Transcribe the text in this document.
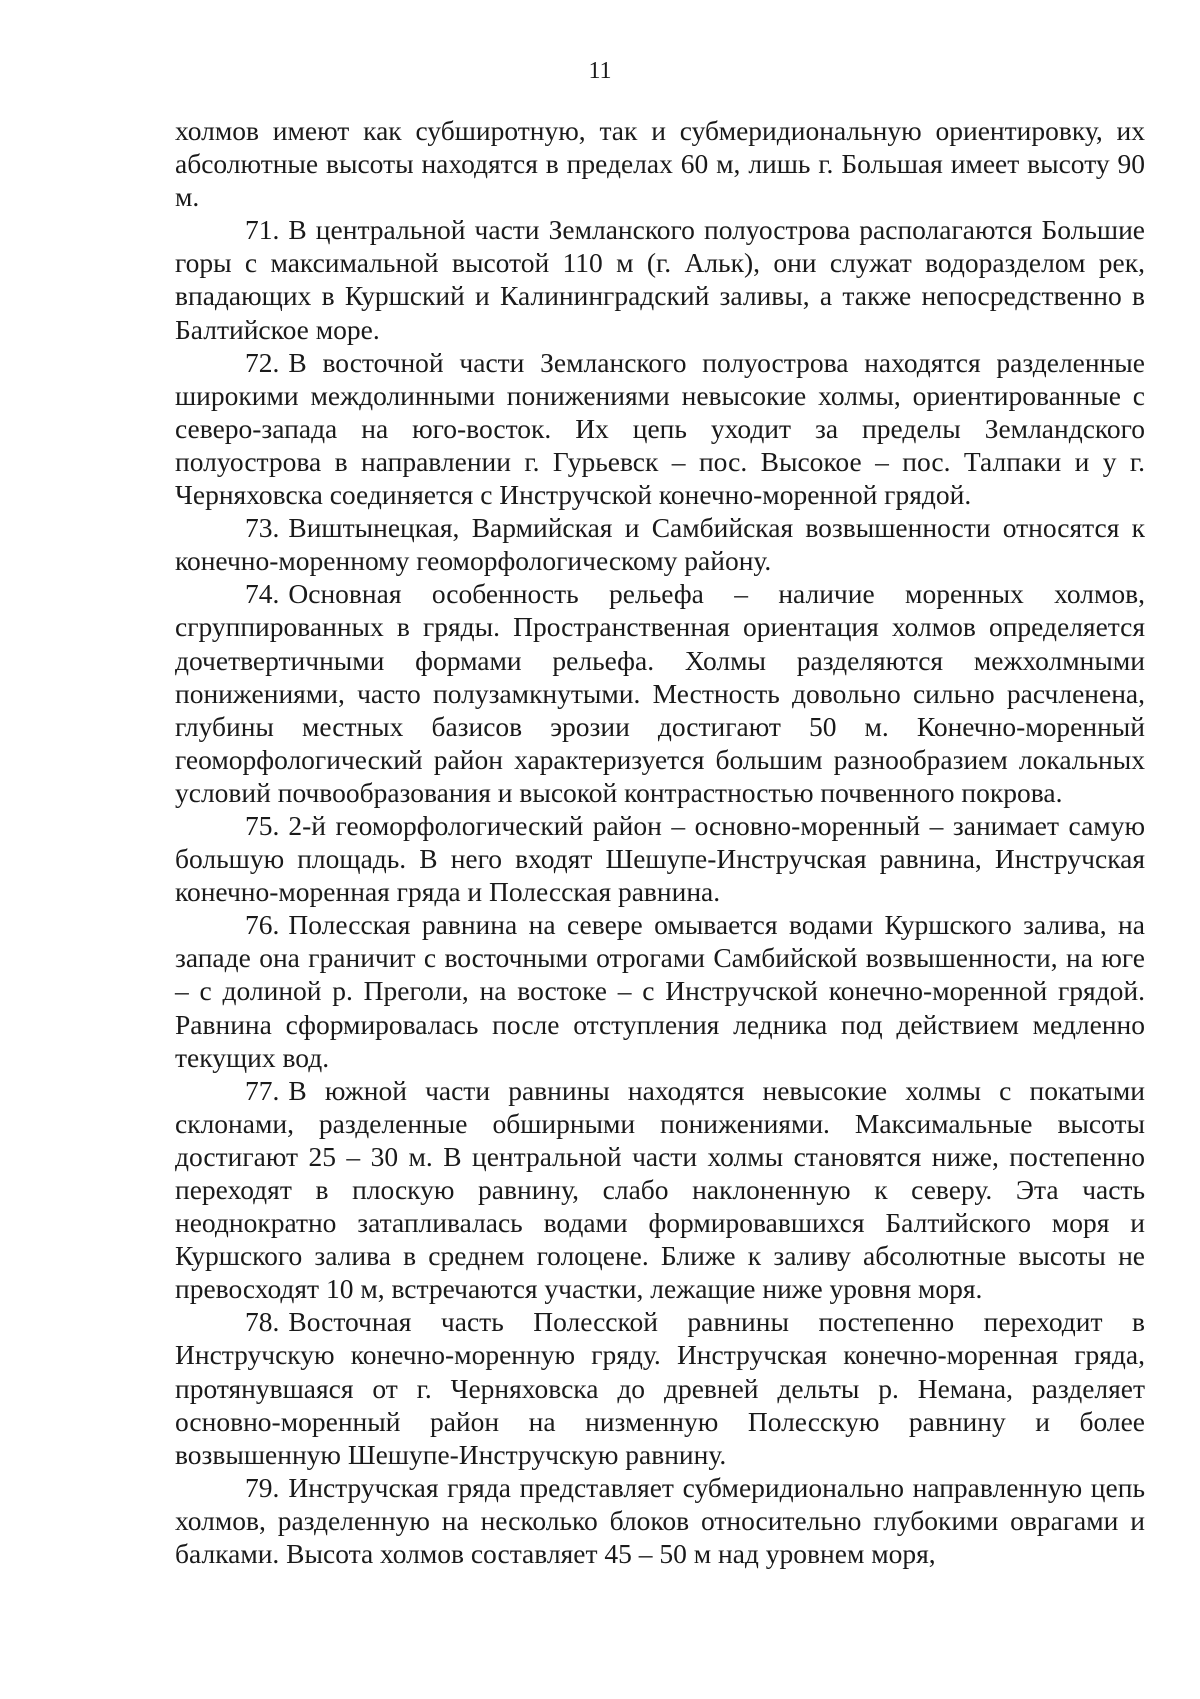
11

холмов имеют как субширотную, так и субмеридиональную ориентировку, их абсолютные высоты находятся в пределах 60 м, лишь г. Большая имеет высоту 90 м.

71. В центральной части Земланского полуострова располагаются Большие горы с максимальной высотой 110 м (г. Альк), они служат водоразделом рек, впадающих в Куршский и Калининградский заливы, а также непосредственно в Балтийское море.

72. В восточной части Земланского полуострова находятся разделенные широкими междолинными понижениями невысокие холмы, ориентированные с северо-запада на юго-восток. Их цепь уходит за пределы Земландского полуострова в направлении г. Гурьевск – пос. Высокое – пос. Талпаки и у г. Черняховска соединяется с Инстручской конечно-моренной грядой.

73. Виштынецкая, Вармийская и Самбийская возвышенности относятся к конечно-моренному геоморфологическому району.

74. Основная особенность рельефа – наличие моренных холмов, сгруппированных в гряды. Пространственная ориентация холмов определяется дочетвертичными формами рельефа. Холмы разделяются межхолмными понижениями, часто полузамкнутыми. Местность довольно сильно расчленена, глубины местных базисов эрозии достигают 50 м. Конечно-моренный геоморфологический район характеризуется большим разнообразием локальных условий почвообразования и высокой контрастностью почвенного покрова.

75. 2-й геоморфологический район – основно-моренный – занимает самую большую площадь. В него входят Шешупе-Инстручская равнина, Инстручская конечно-моренная гряда и Полесская равнина.

76. Полесская равнина на севере омывается водами Куршского залива, на западе она граничит с восточными отрогами Самбийской возвышенности, на юге – с долиной р. Преголи, на востоке – с Инстручской конечно-моренной грядой. Равнина сформировалась после отступления ледника под действием медленно текущих вод.

77. В южной части равнины находятся невысокие холмы с покатыми склонами, разделенные обширными понижениями. Максимальные высоты достигают 25 – 30 м. В центральной части холмы становятся ниже, постепенно переходят в плоскую равнину, слабо наклоненную к северу. Эта часть неоднократно затапливалась водами формировавшихся Балтийского моря и Куршского залива в среднем голоцене. Ближе к заливу абсолютные высоты не превосходят 10 м, встречаются участки, лежащие ниже уровня моря.

78. Восточная часть Полесской равнины постепенно переходит в Инстручскую конечно-моренную гряду. Инстручская конечно-моренная гряда, протянувшаяся от г. Черняховска до древней дельты р. Немана, разделяет основно-моренный район на низменную Полесскую равнину и более возвышенную Шешупе-Инстручскую равнину.

79. Инстручская гряда представляет субмеридионально направленную цепь холмов, разделенную на несколько блоков относительно глубокими оврагами и балками. Высота холмов составляет 45 – 50 м над уровнем моря,
